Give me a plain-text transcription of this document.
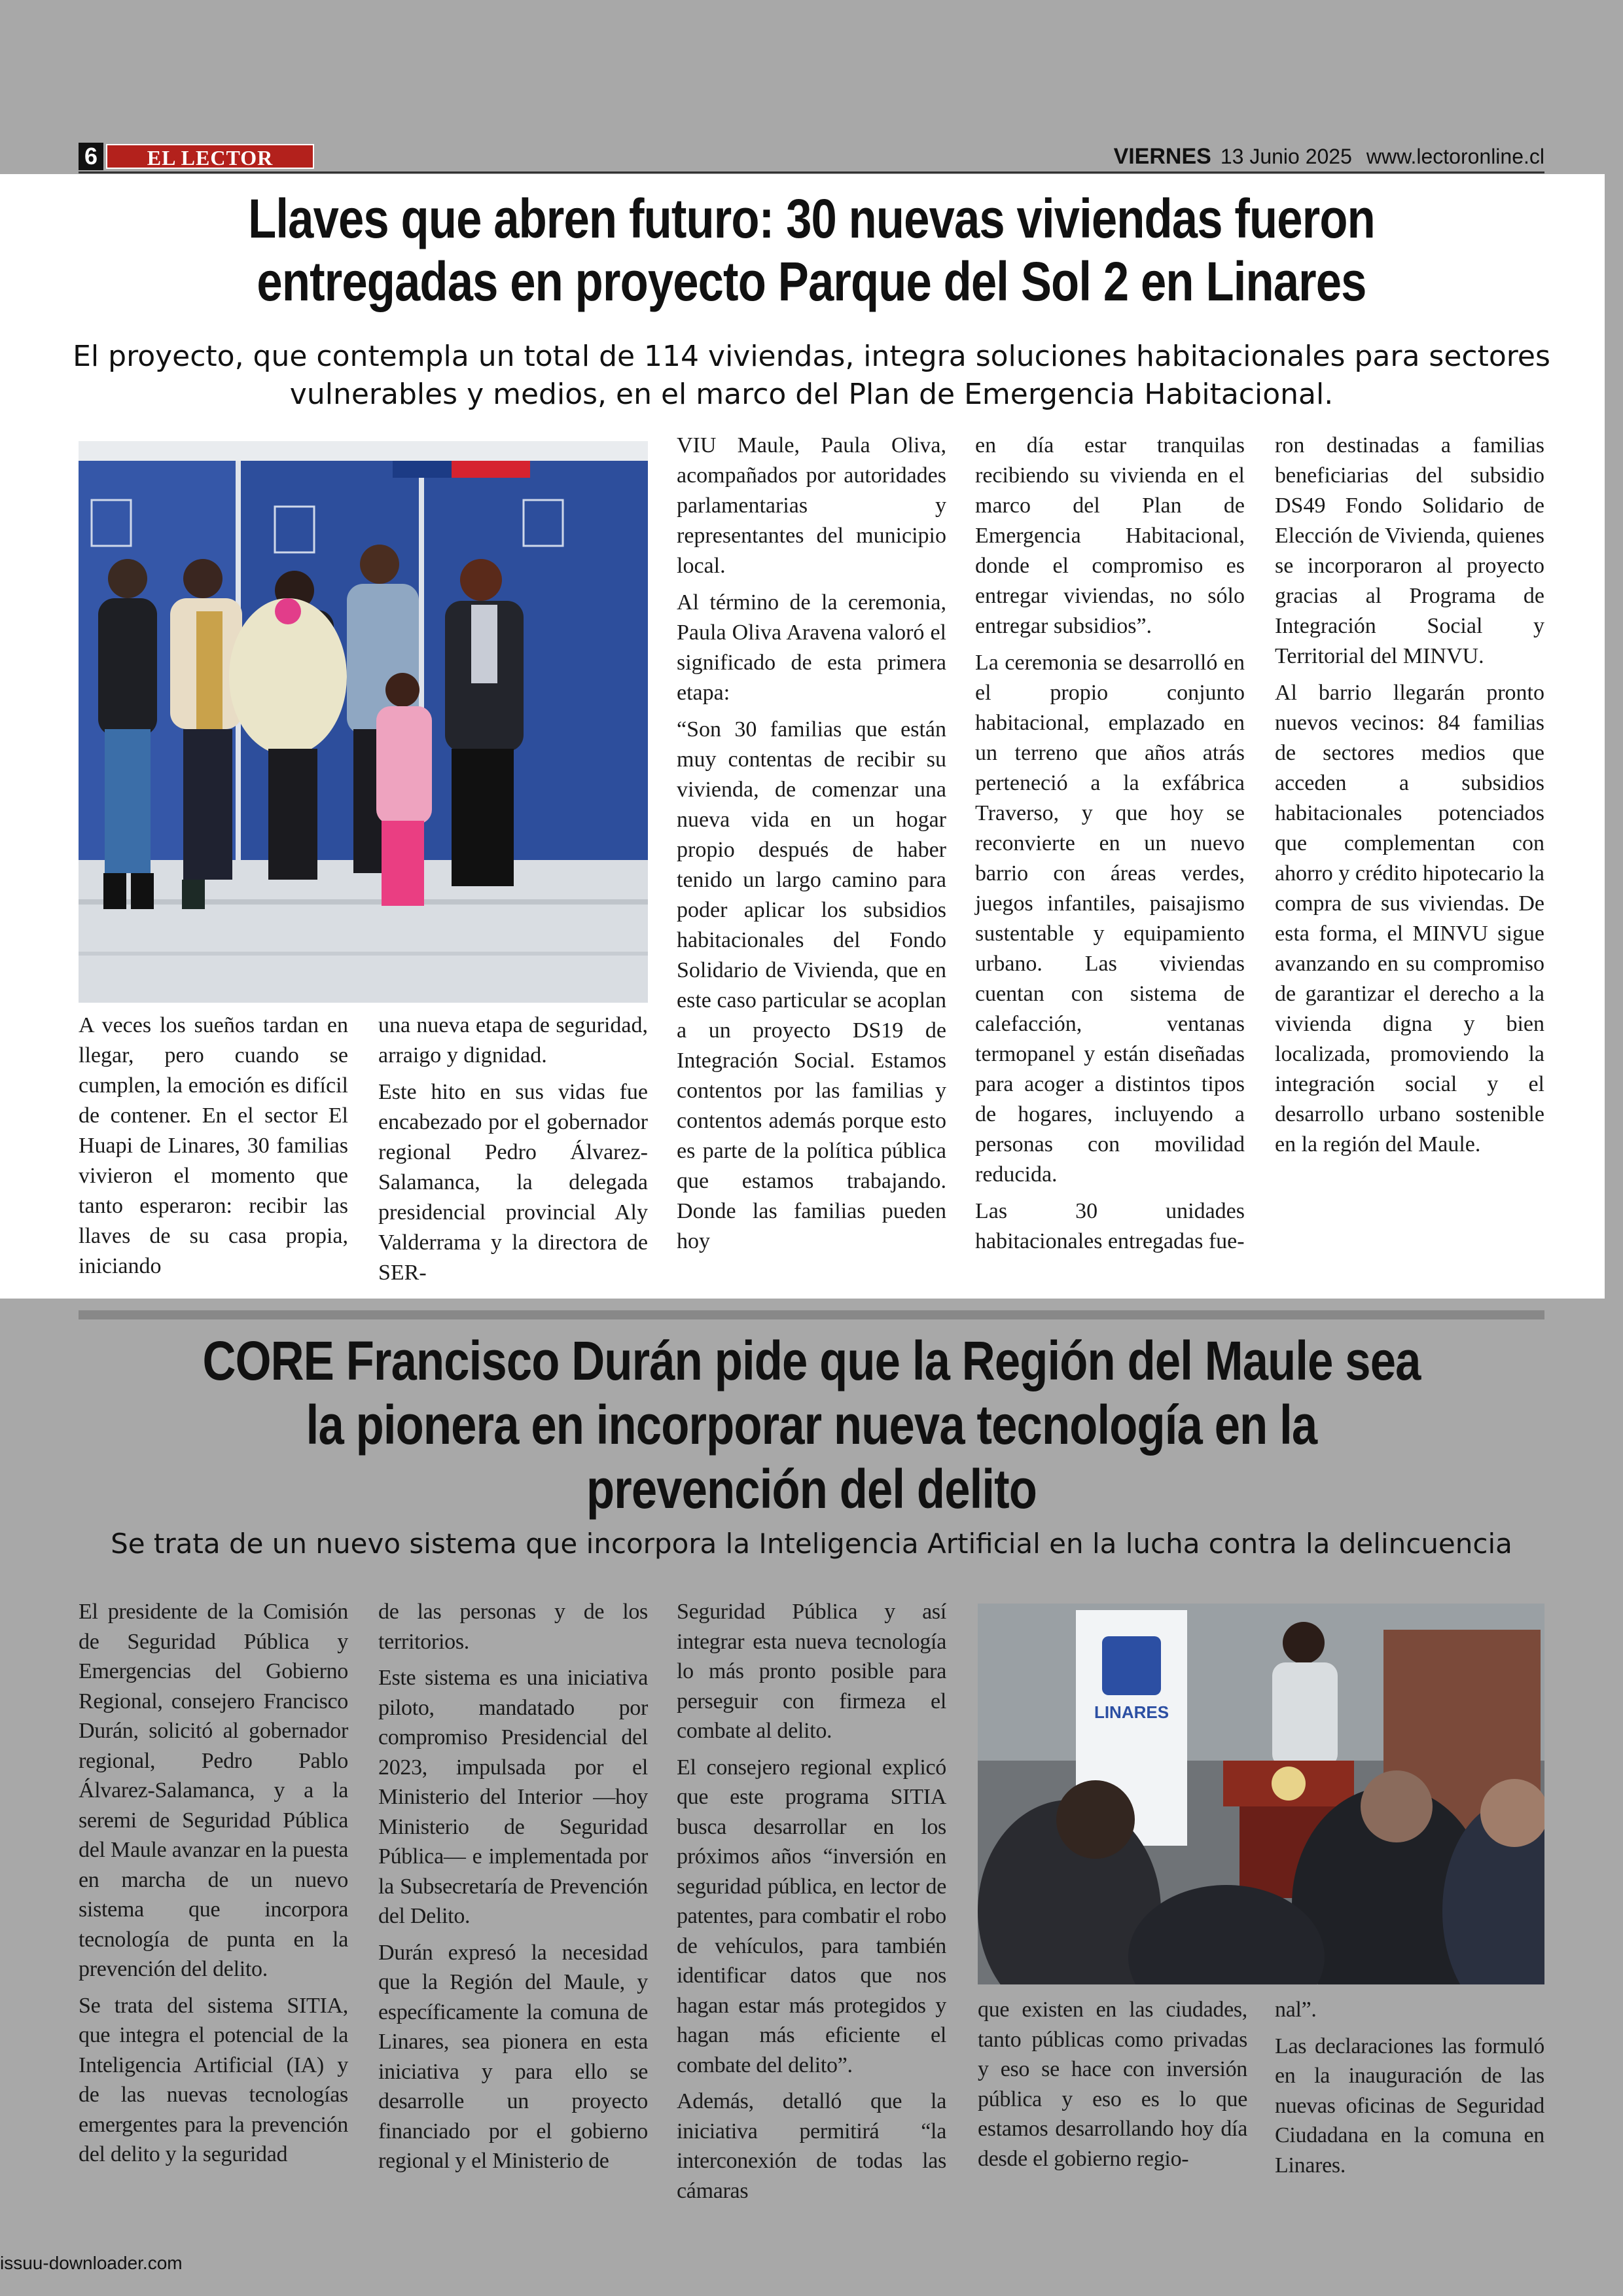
6	EL LECTOR	VIERNES 13 Junio 2025 www.lectoronline.cl
Llaves que abren futuro: 30 nuevas viviendas fueron entregadas en proyecto Parque del Sol 2 en Linares
El proyecto, que contempla un total de 114 viviendas, integra soluciones habitacionales para sectores vulnerables y medios, en el marco del Plan de Emergencia Habitacional.

A veces los sueños tardan en llegar, pero cuando se cumplen, la emoción es difícil de contener. En el sector El Huapi de Linares, 30 familias vivieron el momento que tanto esperaron: recibir las llaves de su casa propia, iniciando

una nueva etapa de seguridad, arraigo y dignidad.

Este hito en sus vidas fue encabezado por el gobernador regional Pedro Álvarez-Salamanca, la delegada presidencial provincial Aly Valderrama y la directora de SER-

VIU Maule, Paula Oliva, acompañados por autoridades parlamentarias y representantes del municipio local.

Al término de la ceremonia, Paula Oliva Aravena valoró el significado de esta primera etapa:

“Son 30 familias que están muy contentas de recibir su vivienda, de comenzar una nueva vida en un hogar propio después de haber tenido un largo camino para poder aplicar los subsidios habitacionales del Fondo Solidario de Vivienda, que en este caso particular se acoplan a un proyecto DS19 de Integración Social. Estamos contentos por las familias y contentos además porque esto es parte de la política pública que estamos trabajando. Donde las familias pueden hoy

en día estar tranquilas recibiendo su vivienda en el marco del Plan de Emergencia Habitacional, donde el compromiso es entregar viviendas, no sólo entregar subsidios”.

La ceremonia se desarrolló en el propio conjunto habitacional, emplazado en un terreno que años atrás perteneció a la exfábrica Traverso, y que hoy se reconvierte en un nuevo barrio con áreas verdes, juegos infantiles, paisajismo sustentable y equipamiento urbano. Las viviendas cuentan con sistema de calefacción, ventanas termopanel y están diseñadas para acoger a distintos tipos de hogares, incluyendo a personas con movilidad reducida.

Las 30 unidades habitacionales entregadas fue-

ron destinadas a familias beneficiarias del subsidio DS49 Fondo Solidario de Elección de Vivienda, quienes se incorporaron al proyecto gracias al Programa de Integración Social y Territorial del MINVU.

Al barrio llegarán pronto nuevos vecinos: 84 familias de sectores medios que acceden a subsidios habitacionales potenciados que complementan con ahorro y crédito hipotecario la compra de sus viviendas. De esta forma, el MINVU sigue avanzando en su compromiso de garantizar el derecho a la vivienda digna y bien localizada, promoviendo la integración social y el desarrollo urbano sostenible en la región del Maule.

CORE Francisco Durán pide que la Región del Maule sea la pionera en incorporar nueva tecnología en la prevención del delito
Se trata de un nuevo sistema que incorpora la Inteligencia Artificial en la lucha contra la delincuencia
LINARES

El presidente de la Comisión de Seguridad Pública y Emergencias del Gobierno Regional, consejero Francisco Durán, solicitó al gobernador regional, Pedro Pablo Álvarez-Salamanca, y a la seremi de Seguridad Pública del Maule avanzar en la puesta en marcha de un nuevo sistema que incorpora tecnología de punta en la prevención del delito.

Se trata del sistema SITIA, que integra el potencial de la Inteligencia Artificial (IA) y de las nuevas tecnologías emergentes para la prevención del delito y la seguridad

de las personas y de los territorios.

Este sistema es una iniciativa piloto, mandatado por compromiso Presidencial del 2023, impulsada por el Ministerio del Interior —hoy Ministerio de Seguridad Pública— e implementada por la Subsecretaría de Prevención del Delito.

Durán expresó la necesidad que la Región del Maule, y específicamente la comuna de Linares, sea pionera en esta iniciativa y para ello se desarrolle un proyecto financiado por el gobierno regional y el Ministerio de

Seguridad Pública y así integrar esta nueva tecnología lo más pronto posible para perseguir con firmeza el combate al delito.

El consejero regional explicó que este programa SITIA busca desarrollar en los próximos años “inversión en seguridad pública, en lector de patentes, para combatir el robo de vehículos, para también identificar datos que nos hagan estar más protegidos y hagan más eficiente el combate del delito”.

Además, detalló que la iniciativa permitirá “la interconexión de todas las cámaras

que existen en las ciudades, tanto públicas como privadas y eso se hace con inversión pública y eso es lo que estamos desarrollando hoy día desde el gobierno regio-

nal”.

Las declaraciones las formuló en la inauguración de las nuevas oficinas de Seguridad Ciudadana en la comuna en Linares.

issuu-downloader.com
